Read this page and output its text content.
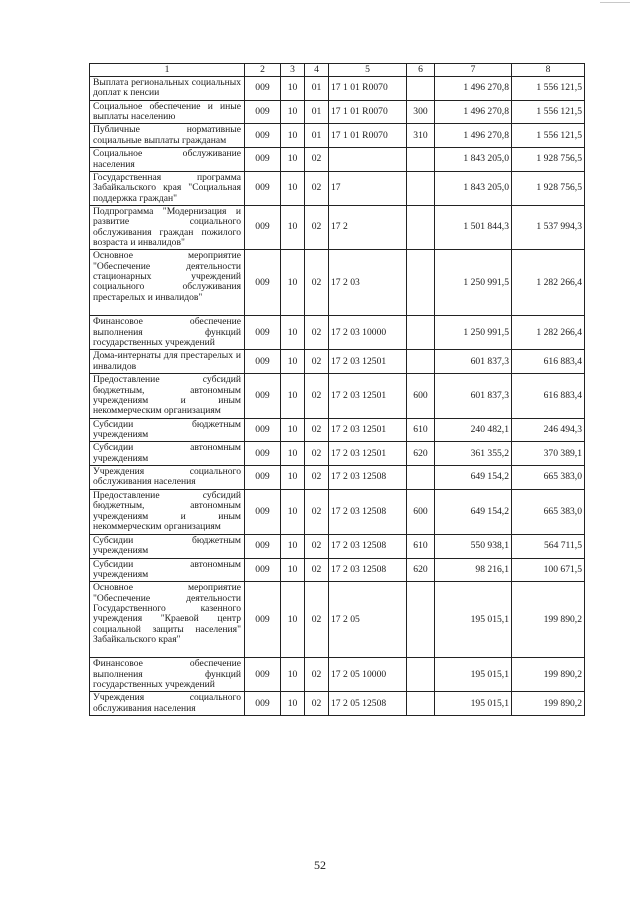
1	2	3	4	5	6	7	8
Выплата региональных социальных доплат к пенсии	009	10	01	17 1 01 R0070		1 496 270,8	1 556 121,5
Социальное обеспечение и иные выплаты населению	009	10	01	17 1 01 R0070	300	1 496 270,8	1 556 121,5
Публичные нормативные социальные выплаты гражданам	009	10	01	17 1 01 R0070	310	1 496 270,8	1 556 121,5
Социальное обслуживание населения	009	10	02			1 843 205,0	1 928 756,5
Государственная программа Забайкальского края "Социальная поддержка граждан"	009	10	02	17		1 843 205,0	1 928 756,5
Подпрограмма "Модернизация и развитие социального обслуживания граждан пожилого возраста и инвалидов"	009	10	02	17 2		1 501 844,3	1 537 994,3
Основное мероприятие "Обеспечение деятельности стационарных учреждений социального обслуживания престарелых и инвалидов"	009	10	02	17 2 03		1 250 991,5	1 282 266,4
Финансовое обеспечение выполнения функций государственных учреждений	009	10	02	17 2 03 10000		1 250 991,5	1 282 266,4
Дома-интернаты для престарелых и инвалидов	009	10	02	17 2 03 12501		601 837,3	616 883,4
Предоставление субсидий бюджетным, автономным учреждениям и иным некоммерческим организациям	009	10	02	17 2 03 12501	600	601 837,3	616 883,4
Субсидии бюджетным учреждениям	009	10	02	17 2 03 12501	610	240 482,1	246 494,3
Субсидии автономным учреждениям	009	10	02	17 2 03 12501	620	361 355,2	370 389,1
Учреждения социального обслуживания населения	009	10	02	17 2 03 12508		649 154,2	665 383,0
Предоставление субсидий бюджетным, автономным учреждениям и иным некоммерческим организациям	009	10	02	17 2 03 12508	600	649 154,2	665 383,0
Субсидии бюджетным учреждениям	009	10	02	17 2 03 12508	610	550 938,1	564 711,5
Субсидии автономным учреждениям	009	10	02	17 2 03 12508	620	98 216,1	100 671,5
Основное мероприятие "Обеспечение деятельности Государственного казенного учреждения "Краевой центр социальной защиты населения" Забайкальского края"	009	10	02	17 2 05		195 015,1	199 890,2
Финансовое обеспечение выполнения функций государственных учреждений	009	10	02	17 2 05 10000		195 015,1	199 890,2
Учреждения социального обслуживания населения	009	10	02	17 2 05 12508		195 015,1	199 890,2
52
